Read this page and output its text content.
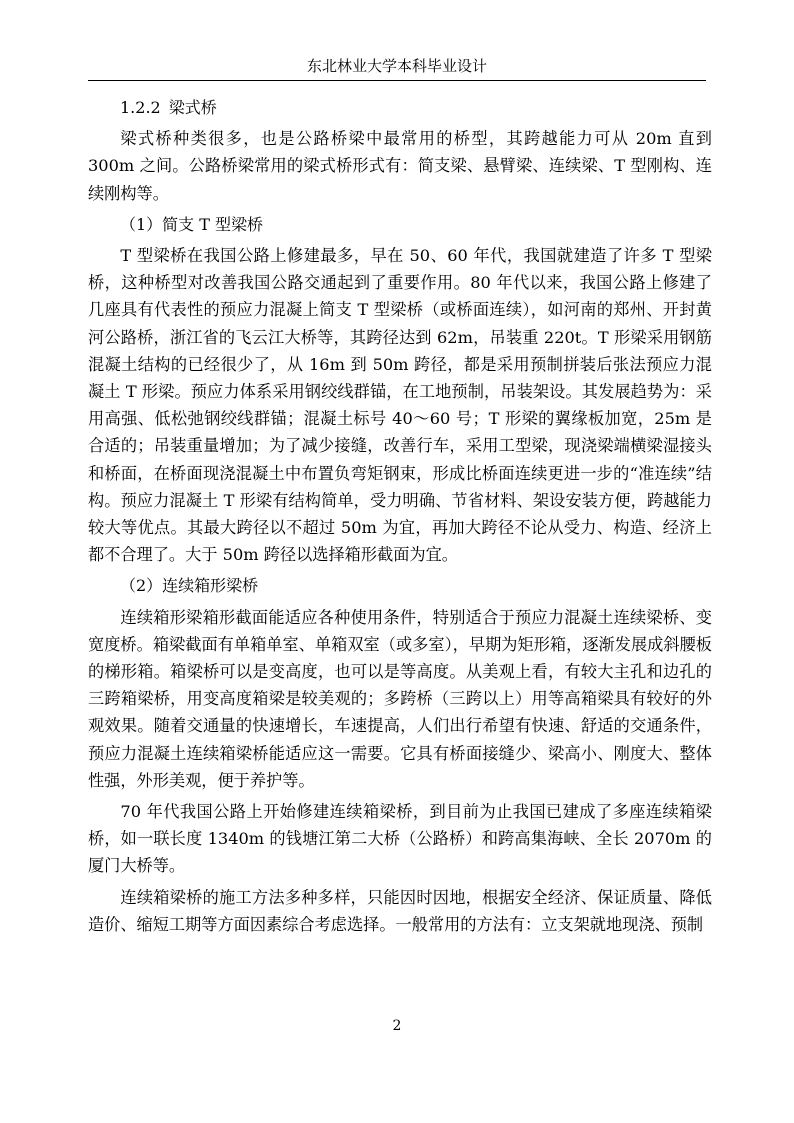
东北林业大学本科毕业设计

1.2.2 梁式桥

梁式桥种类很多，也是公路桥梁中最常用的桥型，其跨越能力可从 20m 直到 300m 之间。公路桥梁常用的梁式桥形式有：简支梁、悬臂梁、连续梁、T 型刚构、连续刚构等。

（1）简支 T 型梁桥

T 型梁桥在我国公路上修建最多，早在 50、60 年代，我国就建造了许多 T 型梁桥，这种桥型对改善我国公路交通起到了重要作用。80 年代以来，我国公路上修建了几座具有代表性的预应力混凝上简支 T 型梁桥（或桥面连续），如河南的郑州、开封黄河公路桥，浙江省的飞云江大桥等，其跨径达到 62m，吊装重 220t。T 形梁采用钢筋混凝土结构的已经很少了，从 16m 到 50m 跨径，都是采用预制拼装后张法预应力混凝土 T 形梁。预应力体系采用钢绞线群锚，在工地预制，吊装架设。其发展趋势为：采用高强、低松弛钢绞线群锚；混凝土标号 40～60 号；T 形梁的翼缘板加宽，25m 是合适的；吊装重量增加；为了减少接缝，改善行车，采用工型梁，现浇梁端横梁湿接头和桥面，在桥面现浇混凝土中布置负弯矩钢束，形成比桥面连续更进一步的“准连续”结构。预应力混凝土 T 形梁有结构简单，受力明确、节省材料、架设安装方便，跨越能力较大等优点。其最大跨径以不超过 50m 为宜，再加大跨径不论从受力、构造、经济上都不合理了。大于 50m 跨径以选择箱形截面为宜。

（2）连续箱形梁桥

连续箱形梁箱形截面能适应各种使用条件，特别适合于预应力混凝土连续梁桥、变宽度桥。箱梁截面有单箱单室、单箱双室（或多室），早期为矩形箱，逐渐发展成斜腰板的梯形箱。箱梁桥可以是变高度，也可以是等高度。从美观上看，有较大主孔和边孔的三跨箱梁桥，用变高度箱梁是较美观的；多跨桥（三跨以上）用等高箱梁具有较好的外观效果。随着交通量的快速增长，车速提高，人们出行希望有快速、舒适的交通条件，预应力混凝土连续箱梁桥能适应这一需要。它具有桥面接缝少、梁高小、刚度大、整体性强，外形美观，便于养护等。

70 年代我国公路上开始修建连续箱梁桥，到目前为止我国已建成了多座连续箱梁桥，如一联长度 1340m 的钱塘江第二大桥（公路桥）和跨高集海峡、全长 2070m 的厦门大桥等。

连续箱梁桥的施工方法多种多样，只能因时因地，根据安全经济、保证质量、降低造价、缩短工期等方面因素综合考虑选择。一般常用的方法有：立支架就地现浇、预制

2
